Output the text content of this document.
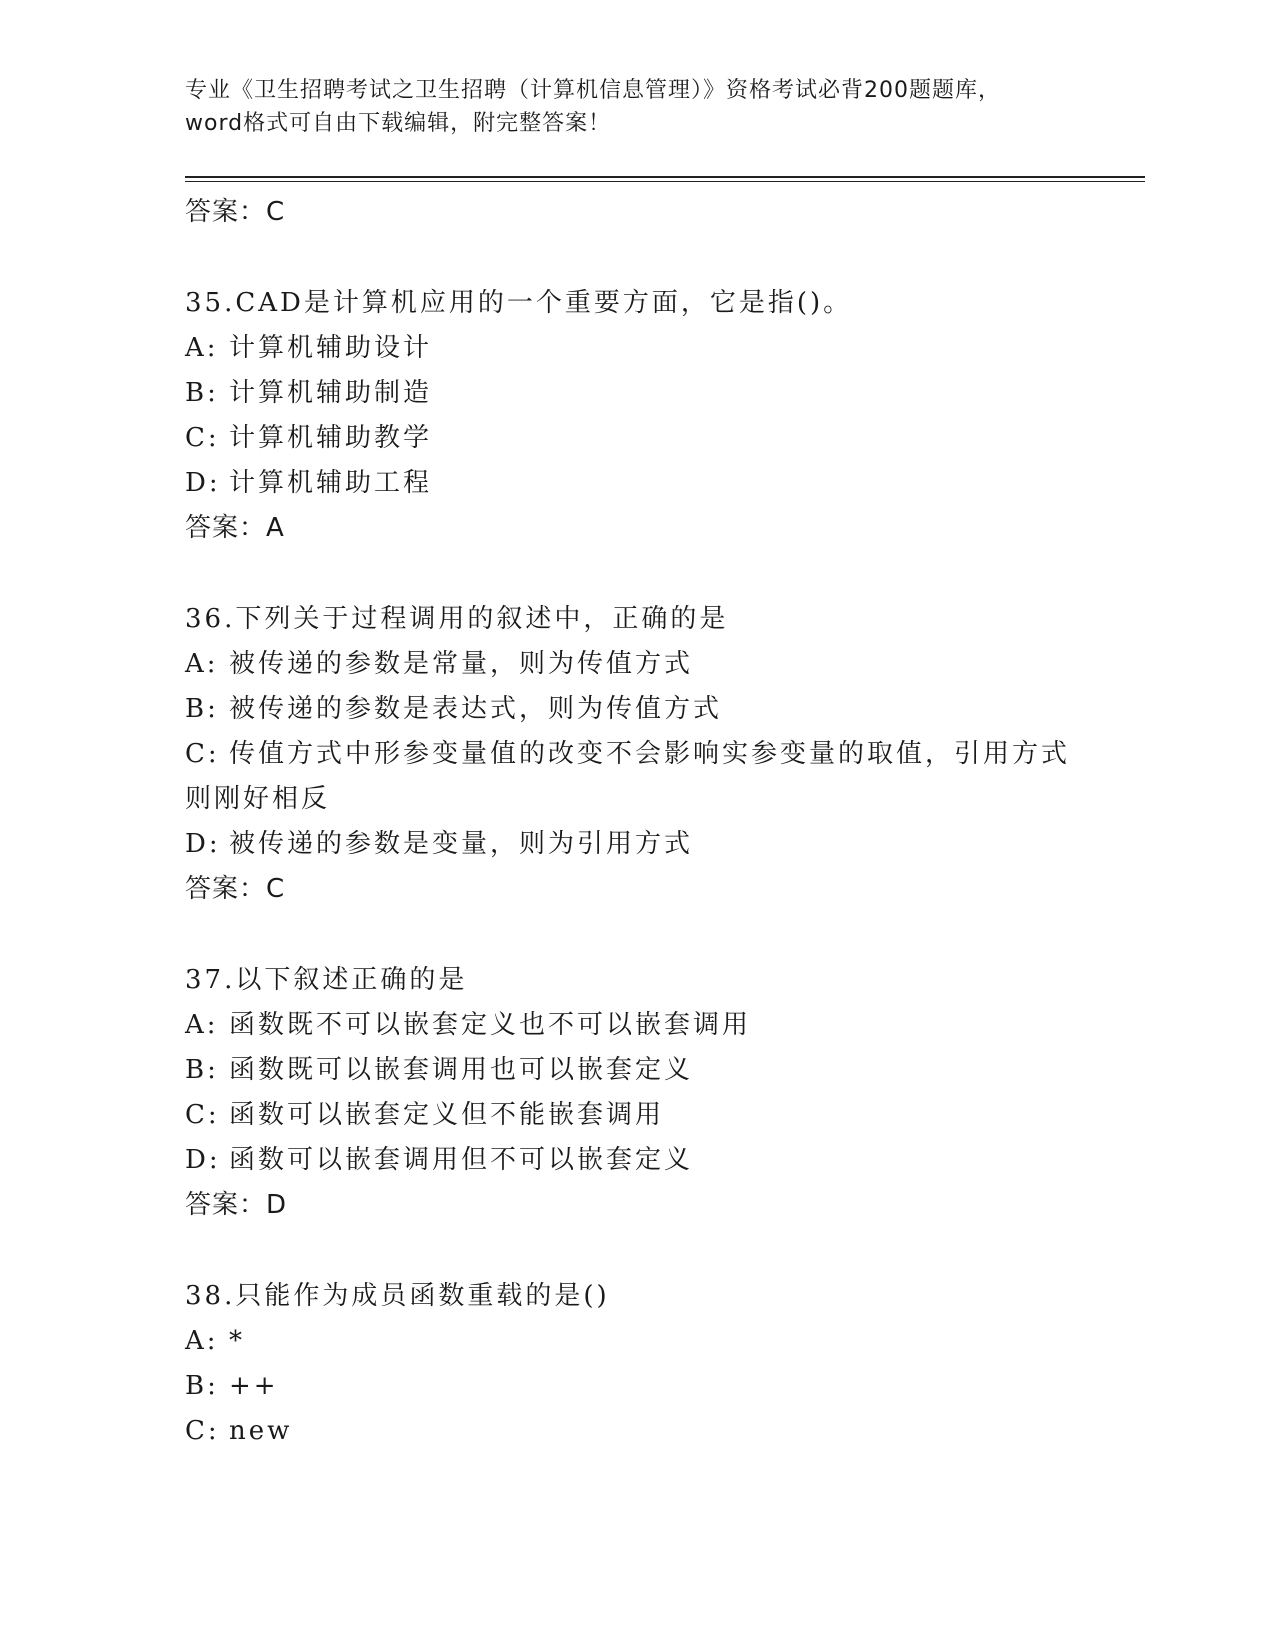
专业《卫生招聘考试之卫生招聘（计算机信息管理）》资格考试必背200题题库，
word格式可自由下载编辑，附完整答案！
答案：C
35.CAD是计算机应用的一个重要方面，它是指()。
A: 计算机辅助设计
B: 计算机辅助制造
C: 计算机辅助教学
D: 计算机辅助工程
答案：A
36.下列关于过程调用的叙述中，正确的是
A: 被传递的参数是常量，则为传值方式
B: 被传递的参数是表达式，则为传值方式
C: 传值方式中形参变量值的改变不会影响实参变量的取值，引用方式则刚好相反
D: 被传递的参数是变量，则为引用方式
答案：C
37.以下叙述正确的是
A: 函数既不可以嵌套定义也不可以嵌套调用
B: 函数既可以嵌套调用也可以嵌套定义
C: 函数可以嵌套定义但不能嵌套调用
D: 函数可以嵌套调用但不可以嵌套定义
答案：D
38.只能作为成员函数重载的是()
A: *
B: ++
C: new
